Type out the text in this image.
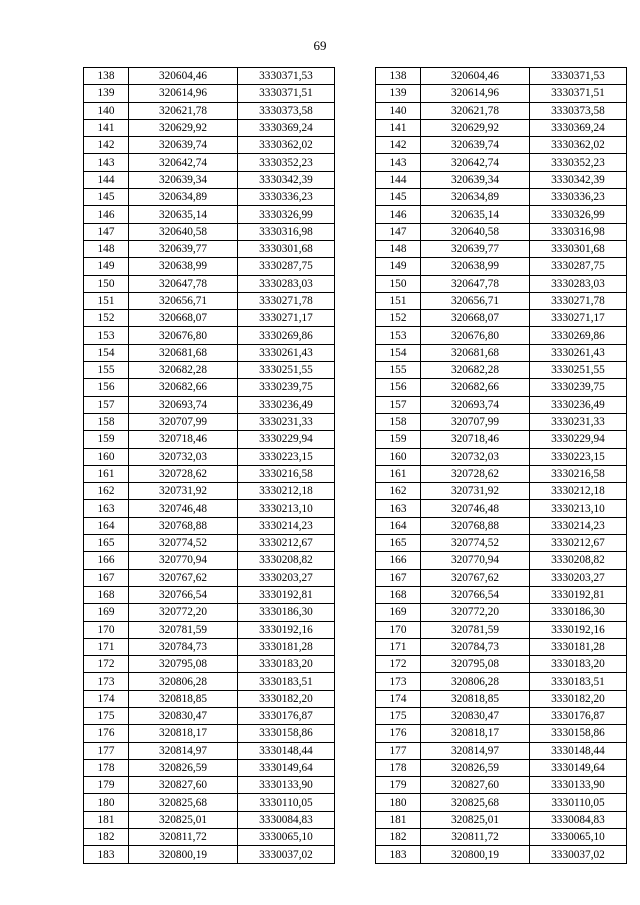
69
138	320604,46	3330371,53
139	320614,96	3330371,51
140	320621,78	3330373,58
141	320629,92	3330369,24
142	320639,74	3330362,02
143	320642,74	3330352,23
144	320639,34	3330342,39
145	320634,89	3330336,23
146	320635,14	3330326,99
147	320640,58	3330316,98
148	320639,77	3330301,68
149	320638,99	3330287,75
150	320647,78	3330283,03
151	320656,71	3330271,78
152	320668,07	3330271,17
153	320676,80	3330269,86
154	320681,68	3330261,43
155	320682,28	3330251,55
156	320682,66	3330239,75
157	320693,74	3330236,49
158	320707,99	3330231,33
159	320718,46	3330229,94
160	320732,03	3330223,15
161	320728,62	3330216,58
162	320731,92	3330212,18
163	320746,48	3330213,10
164	320768,88	3330214,23
165	320774,52	3330212,67
166	320770,94	3330208,82
167	320767,62	3330203,27
168	320766,54	3330192,81
169	320772,20	3330186,30
170	320781,59	3330192,16
171	320784,73	3330181,28
172	320795,08	3330183,20
173	320806,28	3330183,51
174	320818,85	3330182,20
175	320830,47	3330176,87
176	320818,17	3330158,86
177	320814,97	3330148,44
178	320826,59	3330149,64
179	320827,60	3330133,90
180	320825,68	3330110,05
181	320825,01	3330084,83
182	320811,72	3330065,10
183	320800,19	3330037,02
138	320604,46	3330371,53
139	320614,96	3330371,51
140	320621,78	3330373,58
141	320629,92	3330369,24
142	320639,74	3330362,02
143	320642,74	3330352,23
144	320639,34	3330342,39
145	320634,89	3330336,23
146	320635,14	3330326,99
147	320640,58	3330316,98
148	320639,77	3330301,68
149	320638,99	3330287,75
150	320647,78	3330283,03
151	320656,71	3330271,78
152	320668,07	3330271,17
153	320676,80	3330269,86
154	320681,68	3330261,43
155	320682,28	3330251,55
156	320682,66	3330239,75
157	320693,74	3330236,49
158	320707,99	3330231,33
159	320718,46	3330229,94
160	320732,03	3330223,15
161	320728,62	3330216,58
162	320731,92	3330212,18
163	320746,48	3330213,10
164	320768,88	3330214,23
165	320774,52	3330212,67
166	320770,94	3330208,82
167	320767,62	3330203,27
168	320766,54	3330192,81
169	320772,20	3330186,30
170	320781,59	3330192,16
171	320784,73	3330181,28
172	320795,08	3330183,20
173	320806,28	3330183,51
174	320818,85	3330182,20
175	320830,47	3330176,87
176	320818,17	3330158,86
177	320814,97	3330148,44
178	320826,59	3330149,64
179	320827,60	3330133,90
180	320825,68	3330110,05
181	320825,01	3330084,83
182	320811,72	3330065,10
183	320800,19	3330037,02
